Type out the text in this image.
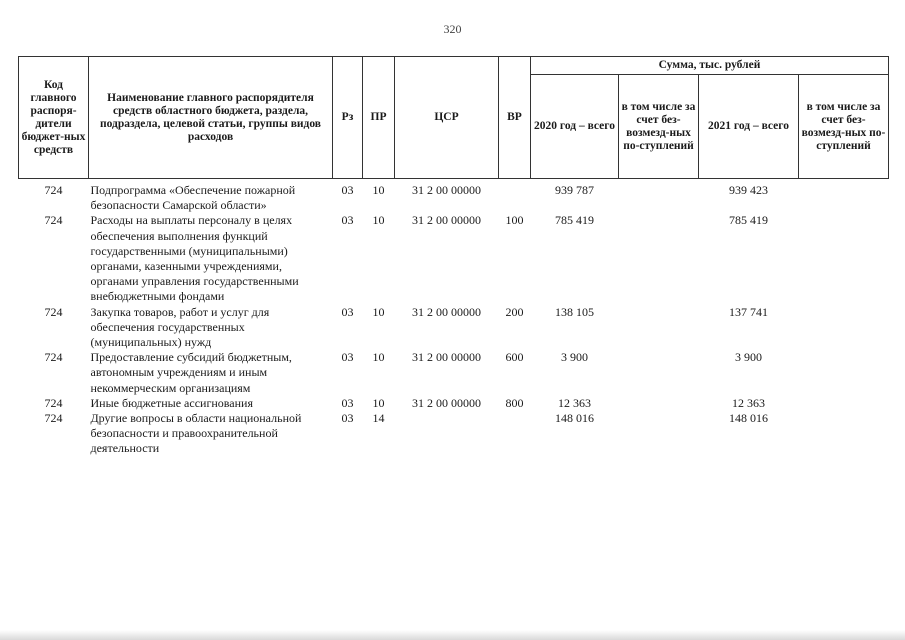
320
Код главного распоря-дители бюджет-ных средств	Наименование главного распорядителя средств областного бюджета, раздела, подраздела, целевой статьи, группы видов расходов	Рз	ПР	ЦСР	ВР	Сумма, тыс. рублей			
						2020 год – всего	в том числе за счет без-возмезд-ных по-ступлений	2021 год – всего	в том числе за счет без-возмезд-ных по-ступлений
724	Подпрограмма «Обеспечение пожарной безопасности Самарской области»	03	10	31 2 00 00000		939 787		939 423	
724	Расходы на выплаты персоналу в целях обеспечения выполнения функций государственными (муниципальными) органами, казенными учреждениями, органами управления государственными внебюджетными фондами	03	10	31 2 00 00000	100	785 419		785 419	
724	Закупка товаров, работ и услуг для обеспечения государственных (муниципальных) нужд	03	10	31 2 00 00000	200	138 105		137 741	
724	Предоставление субсидий бюджетным, автономным учреждениям и иным некоммерческим организациям	03	10	31 2 00 00000	600	3 900		3 900	
724	Иные бюджетные ассигнования	03	10	31 2 00 00000	800	12 363		12 363	
724	Другие вопросы в области национальной безопасности и правоохранительной деятельности	03	14			148 016		148 016	
